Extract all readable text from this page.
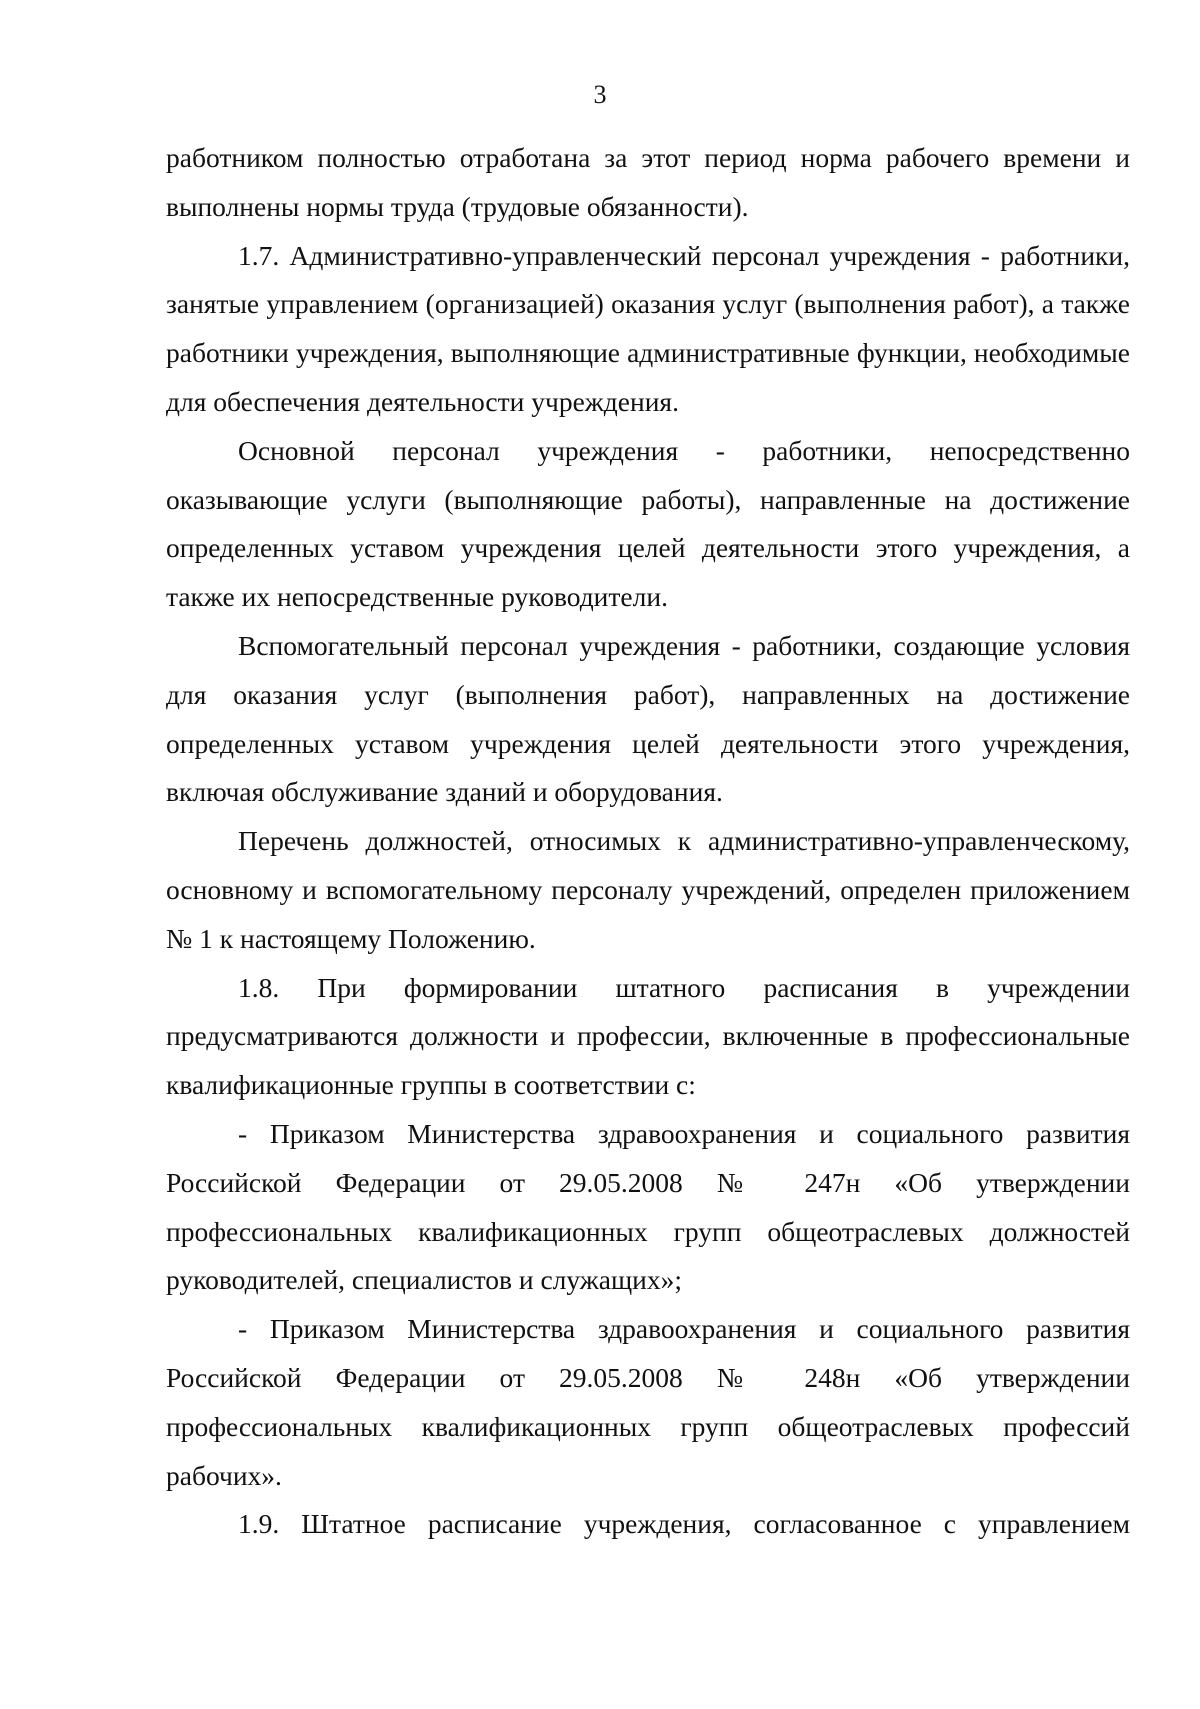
3

работником полностью отработана за этот период норма рабочего времени и выполнены нормы труда (трудовые обязанности).

1.7. Административно-управленческий персонал учреждения - работники, занятые управлением (организацией) оказания услуг (выполнения работ), а также работники учреждения, выполняющие административные функции, необходимые для обеспечения деятельности учреждения.

Основной персонал учреждения - работники, непосредственно оказывающие услуги (выполняющие работы), направленные на достижение определенных уставом учреждения целей деятельности этого учреждения, а также их непосредственные руководители.

Вспомогательный персонал учреждения - работники, создающие условия для оказания услуг (выполнения работ), направленных на достижение определенных уставом учреждения целей деятельности этого учреждения, включая обслуживание зданий и оборудования.

Перечень должностей, относимых к административно-управленческому, основному и вспомогательному персоналу учреждений, определен приложением № 1 к настоящему Положению.

1.8. При формировании штатного расписания в учреждении предусматриваются должности и профессии, включенные в профессиональные квалификационные группы в соответствии с:

- Приказом Министерства здравоохранения и социального развития Российской Федерации от 29.05.2008 № 247н «Об утверждении профессиональных квалификационных групп общеотраслевых должностей руководителей, специалистов и служащих»;

- Приказом Министерства здравоохранения и социального развития Российской Федерации от 29.05.2008 № 248н «Об утверждении профессиональных квалификационных групп общеотраслевых профессий рабочих».

1.9. Штатное расписание учреждения, согласованное с управлением
